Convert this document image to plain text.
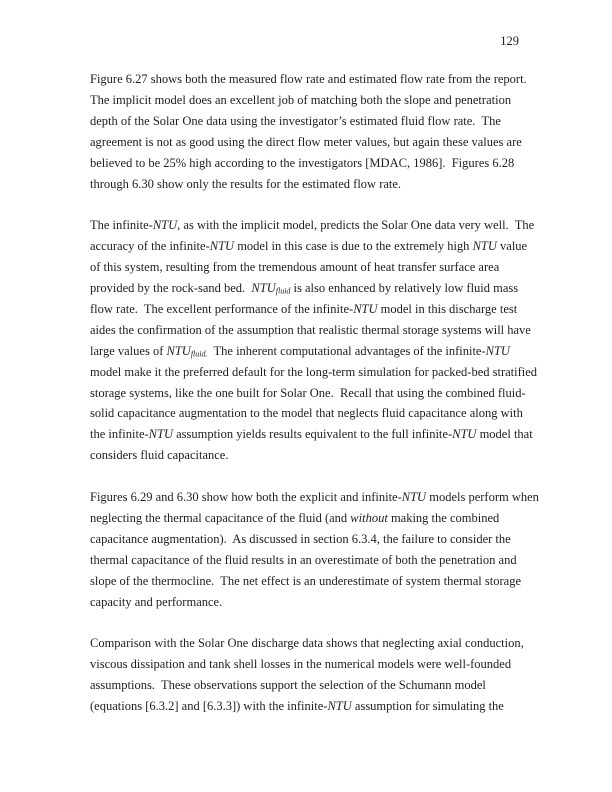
129
Figure 6.27 shows both the measured flow rate and estimated flow rate from the report.
The implicit model does an excellent job of matching both the slope and penetration
depth of the Solar One data using the investigator’s estimated fluid flow rate.  The
agreement is not as good using the direct flow meter values, but again these values are
believed to be 25% high according to the investigators [MDAC, 1986].  Figures 6.28
through 6.30 show only the results for the estimated flow rate.
The infinite-NTU, as with the implicit model, predicts the Solar One data very well.  The
accuracy of the infinite-NTU model in this case is due to the extremely high NTU value
of this system, resulting from the tremendous amount of heat transfer surface area
provided by the rock-sand bed.  $NTU_{fluid}$ is also enhanced by relatively low fluid mass
flow rate.  The excellent performance of the infinite-NTU model in this discharge test
aides the confirmation of the assumption that realistic thermal storage systems will have
large values of $NTU_{fluid.}$  The inherent computational advantages of the infinite-NTU
model make it the preferred default for the long-term simulation for packed-bed stratified
storage systems, like the one built for Solar One.  Recall that using the combined fluid-
solid capacitance augmentation to the model that neglects fluid capacitance along with
the infinite-NTU assumption yields results equivalent to the full infinite-NTU model that
considers fluid capacitance.
Figures 6.29 and 6.30 show how both the explicit and infinite-NTU models perform when
neglecting the thermal capacitance of the fluid (and without making the combined
capacitance augmentation).  As discussed in section 6.3.4, the failure to consider the
thermal capacitance of the fluid results in an overestimate of both the penetration and
slope of the thermocline.  The net effect is an underestimate of system thermal storage
capacity and performance.
Comparison with the Solar One discharge data shows that neglecting axial conduction,
viscous dissipation and tank shell losses in the numerical models were well-founded
assumptions.  These observations support the selection of the Schumann model
(equations [6.3.2] and [6.3.3]) with the infinite-NTU assumption for simulating the
